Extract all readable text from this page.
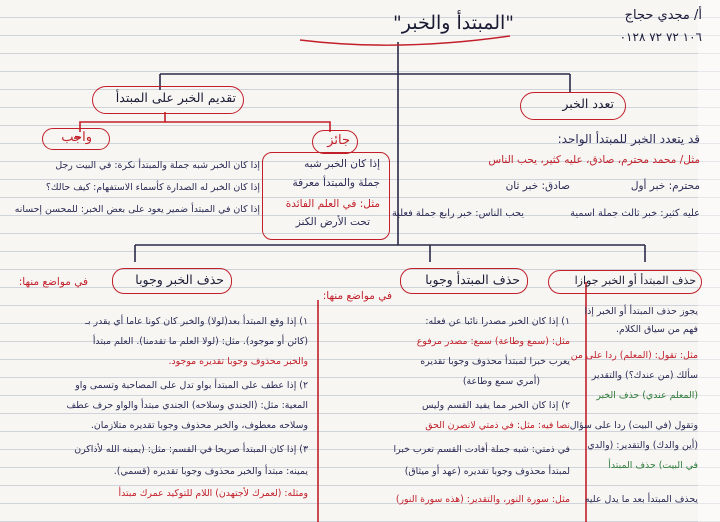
"المبتدأ والخبر"	أ/ مجدي حجاج
١٠٦ ٧٢ ٧٢ ٠١٢٨
تقديم الخبر على المبتدأ	تعدد الخبر
واجب	جائز	قد يتعدد الخبر للمبتدأ الواحد:
مثل/ محمد محترم، صادق، عليه كثير، يحب الناس
محترم: خبر أول
صادق: خبر ثان
عليه كثير: خبر ثالث جملة اسمية
يحب الناس: خبر رابع جملة فعلية
إذا كان الخبر شبه
جملة والمبتدأ معرفة
مثل: في العلم الفائدة
تحت الأرض الكنز
إذا كان الخبر شبه جملة والمبتدأ نكرة: في البيت رجل
إذا كان الخبر له الصدارة كأسماء الاستفهام: كيف حالك؟
إذا كان في المبتدأ ضمير يعود على بعض الخبر: للمحسن إحسانه
حذف الخبر وجوبا
في مواضع منها:	حذف المبتدأ وجوبا
في مواضع منها:
حذف المبتدأ أو الخبر جوازا
١) إذا وقع المبتدأ بعد(لولا) والخبر كان كونا عاما أي يقدر بـ
(كائن أو موجود). مثل: (لولا العلم ما تقدمنا). العلم مبتدأ
والخبر محذوف وجوبا تقديره موجود.
٢) إذا عطف على المبتدأ بواو تدل على المصاحبة وتسمى واو
المعية: مثل: (الجندي وسلاحه) الجندي مبتدأ والواو حرف عطف
وسلاحه معطوف، والخبر محذوف وجوبا تقديره متلازمان.
٣) إذا كان المبتدأ صريحا في القسم: مثل: (يمينه الله لأذاكرن
يمينه: مبتدأ والخبر محذوف وجوبا تقديره (قسمي).
ومثله: (لعمرك لأجتهدن) اللام للتوكيد عمرك مبتدأ
١) إذا كان الخبر مصدرا نائبا عن فعله:
مثل: (سمع وطاعة) سمع: مصدر مرفوع
يعرب خبرا لمبتدأ محذوف وجوبا تقديره
(أمري سمع وطاعة)
٢) إذا كان الخبر مما يفيد القسم وليس
نصا فيه: مثل: في ذمتي لانصرن الحق
في ذمتي: شبه جملة أفادت القسم تعرب خبرا
لمبتدأ محذوف وجوبا تقديره (عهد أو ميثاق)
مثل: سورة النور، والتقدير: (هذه سورة النور)
يجوز حذف المبتدأ أو الخبر إذا
فهم من سياق الكلام.
مثل: تقول: (المعلم) ردا على من
سألك (من عندك؟) والتقدير
(المعلم عندي) حذف الخبر
وتقول (في البيت) ردا على سؤال
(أين والدك) والتقدير: (والدي
في البيت) حذف المبتدأ
يحذف المبتدأ بعد ما يدل عليه
